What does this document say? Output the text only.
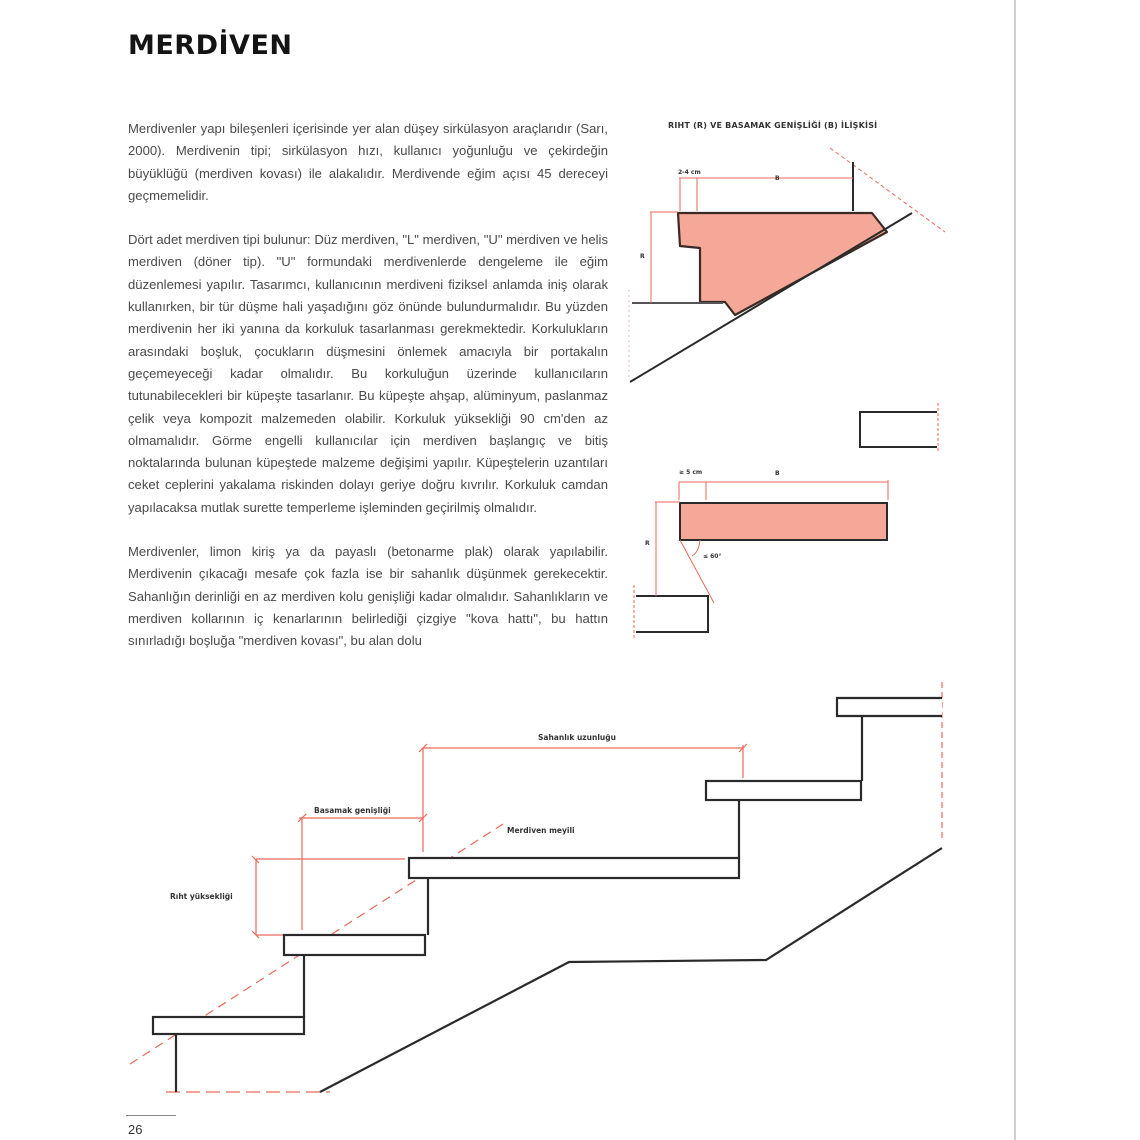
MERDİVEN

Merdivenler yapı bileşenleri içerisinde yer alan düşey sirkülasyon araçlarıdır (Sarı, 2000). Merdivenin tipi; sirkülasyon hızı, kullanıcı yoğunluğu ve çekirdeğin büyüklüğü (merdiven kovası) ile alakalıdır. Merdivende eğim açısı 45 dereceyi geçmemelidir.

Dört adet merdiven tipi bulunur: Düz merdiven, "L" merdiven, "U" merdiven ve helis merdiven (döner tip). "U" formundaki merdivenlerde dengeleme ile eğim düzenlemesi yapılır. Tasarımcı, kullanıcının merdiveni fiziksel anlamda iniş olarak kullanırken, bir tür düşme hali yaşadığını göz önünde bulundurmalıdır. Bu yüzden merdivenin her iki yanına da korkuluk tasarlanması gerekmektedir. Korkulukların arasındaki boşluk, çocukların düşmesini önlemek amacıyla bir portakalın geçemeyeceği kadar olmalıdır. Bu korkuluğun üzerinde kullanıcıların tutunabilecekleri bir küpeşte tasarlanır. Bu küpeşte ahşap, alüminyum, paslanmaz çelik veya kompozit malzemeden olabilir. Korkuluk yüksekliği 90 cm'den az olmamalıdır. Görme engelli kullanıcılar için merdiven başlangıç ve bitiş noktalarında bulunan küpeştede malzeme değişimi yapılır. Küpeştelerin uzantıları ceket ceplerini yakalama riskinden dolayı geriye doğru kıvrılır. Korkuluk camdan yapılacaksa mutlak surette temperleme işleminden geçirilmiş olmalıdır.

Merdivenler, limon kiriş ya da payaslı (betonarme plak) olarak yapılabilir. Merdivenin çıkacağı mesafe çok fazla ise bir sahanlık düşünmek gerekecektir. Sahanlığın derinliği en az merdiven kolu genişliği kadar olmalıdır. Sahanlıkların ve merdiven kollarının iç kenarlarının belirlediği çizgiye "kova hattı", bu hattın sınırladığı boşluğa "merdiven kovası", bu alan dolu

RIHT (R) VE BASAMAK GENİŞLİĞİ (B) İLİŞKİSİ
2-4 cm
B
R
≥ 5 cm	B
R
≤ 60°
Sahanlık uzunluğu
Basamak genişliği
Merdiven meyili
Rıht yüksekliği
26
